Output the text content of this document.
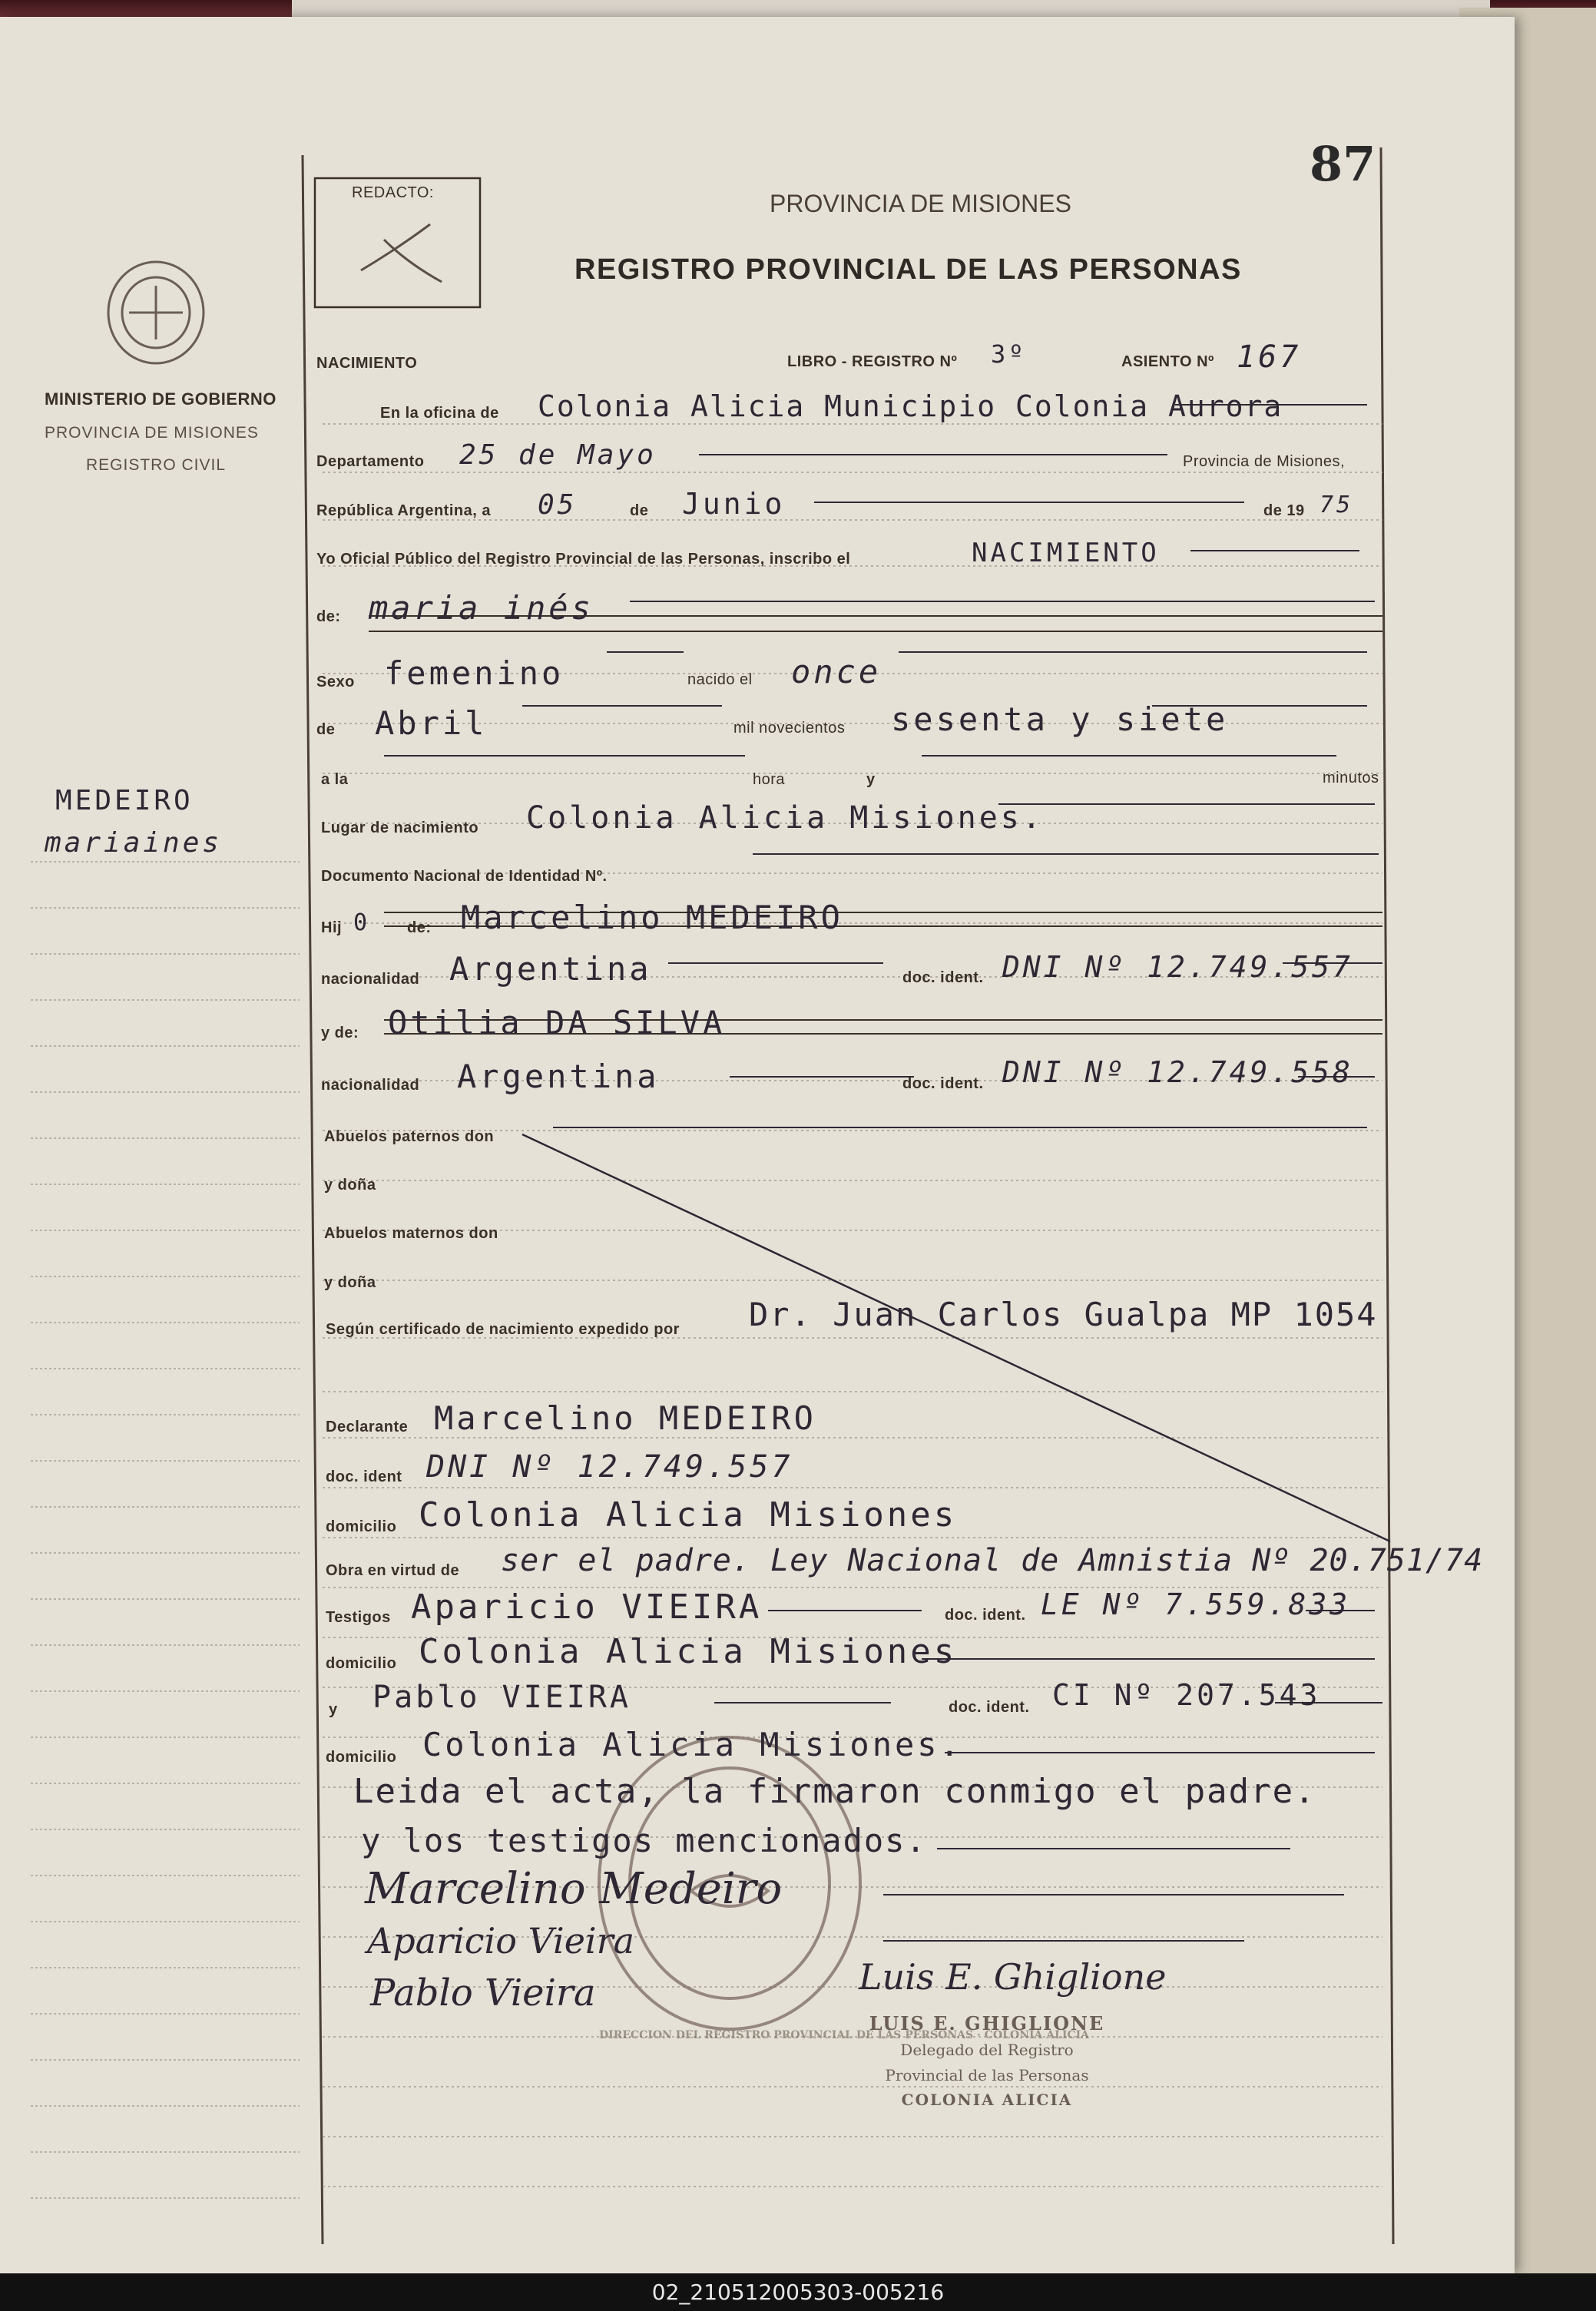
87
REDACTO:	PROVINCIA DE MISIONES
REGISTRO PROVINCIAL DE LAS PERSONAS
MINISTERIO DE GOBIERNO
PROVINCIA DE MISIONES
REGISTRO CIVIL
MEDEIRO
mariaines
NACIMIENTO	LIBRO - REGISTRO Nº 3º	ASIENTO Nº 167
En la oficina de Colonia Alicia Municipio Colonia Aurora
Departamento 25 de Mayo	Provincia de Misiones,
República Argentina, a 05	de Junio	de 19 75
Yo Oficial Público del Registro Provincial de las Personas, inscribo el	NACIMIENTO
de: maria inés
Sexo femenino	nacido el once
de Abril	mil novecientos sesenta y siete
a la	hora	y	minutos
Lugar de nacimiento Colonia Alicia Misiones.
Documento Nacional de Identidad Nº.
Hij 0 de: Marcelino MEDEIRO
nacionalidad Argentina	doc. ident. DNI Nº 12.749.557
y de: Otilia DA SILVA
nacionalidad Argentina	doc. ident. DNI Nº 12.749.558
Abuelos paternos don
y doña
Abuelos maternos don
y doña
Según certificado de nacimiento expedido por Dr. Juan Carlos Gualpa MP 1054
Declarante Marcelino MEDEIRO
doc. ident DNI Nº 12.749.557
domicilio Colonia Alicia Misiones
Obra en virtud de ser el padre. Ley Nacional de Amnistia Nº 20.751/74
Testigos Aparicio VIEIRA	doc. ident. LE Nº 7.559.833
domicilio Colonia Alicia Misiones
y Pablo VIEIRA	doc. ident. CI Nº 207.543
domicilio Colonia Alicia Misiones.
Leida el acta, la firmaron conmigo el padre.
y los testigos mencionados.
Marcelino Medeiro
Aparicio Vieira
Pablo Vieira	Luis E. Ghiglione
DIRECCION DEL REGISTRO PROVINCIAL DE LAS PERSONAS · COLONIA ALICIA
LUIS E. GHIGLIONE
Delegado del Registro
Provincial de las Personas
COLONIA ALICIA
02_210512005303-005216
